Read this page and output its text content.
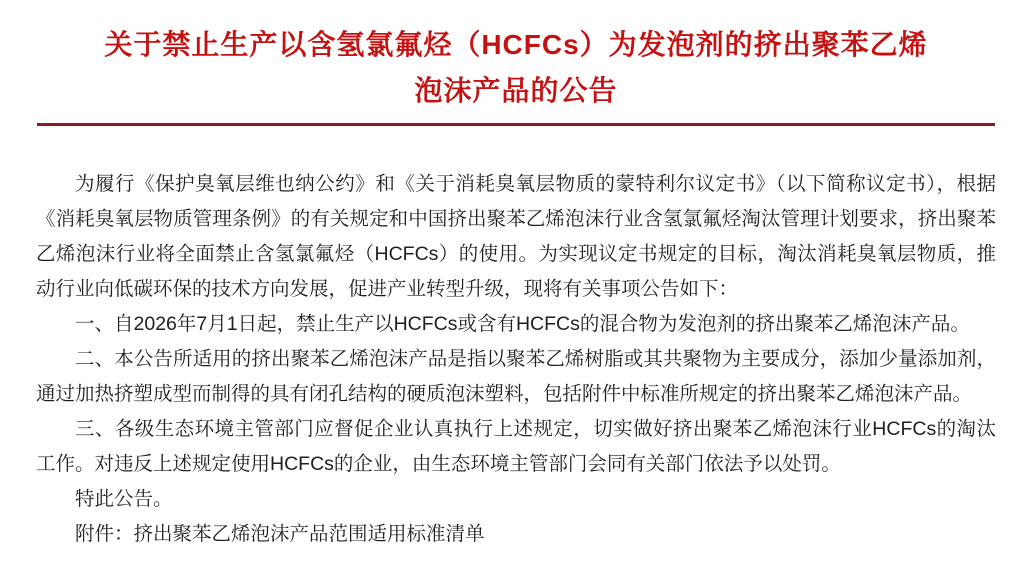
关于禁止生产以含氢氯氟烃（HCFCs）为发泡剂的挤出聚苯乙烯
泡沫产品的公告

为履行《保护臭氧层维也纳公约》和《关于消耗臭氧层物质的蒙特利尔议定书》（以下简称议定书），根据《消耗臭氧层物质管理条例》的有关规定和中国挤出聚苯乙烯泡沫行业含氢氯氟烃淘汰管理计划要求，挤出聚苯乙烯泡沫行业将全面禁止含氢氯氟烃（HCFCs）的使用。为实现议定书规定的目标，淘汰消耗臭氧层物质，推动行业向低碳环保的技术方向发展，促进产业转型升级，现将有关事项公告如下：

一、自2026年7月1日起，禁止生产以HCFCs或含有HCFCs的混合物为发泡剂的挤出聚苯乙烯泡沫产品。

二、本公告所适用的挤出聚苯乙烯泡沫产品是指以聚苯乙烯树脂或其共聚物为主要成分，添加少量添加剂，通过加热挤塑成型而制得的具有闭孔结构的硬质泡沫塑料，包括附件中标准所规定的挤出聚苯乙烯泡沫产品。

三、各级生态环境主管部门应督促企业认真执行上述规定，切实做好挤出聚苯乙烯泡沫行业HCFCs的淘汰工作。对违反上述规定使用HCFCs的企业，由生态环境主管部门会同有关部门依法予以处罚。

特此公告。

附件：挤出聚苯乙烯泡沫产品范围适用标准清单
